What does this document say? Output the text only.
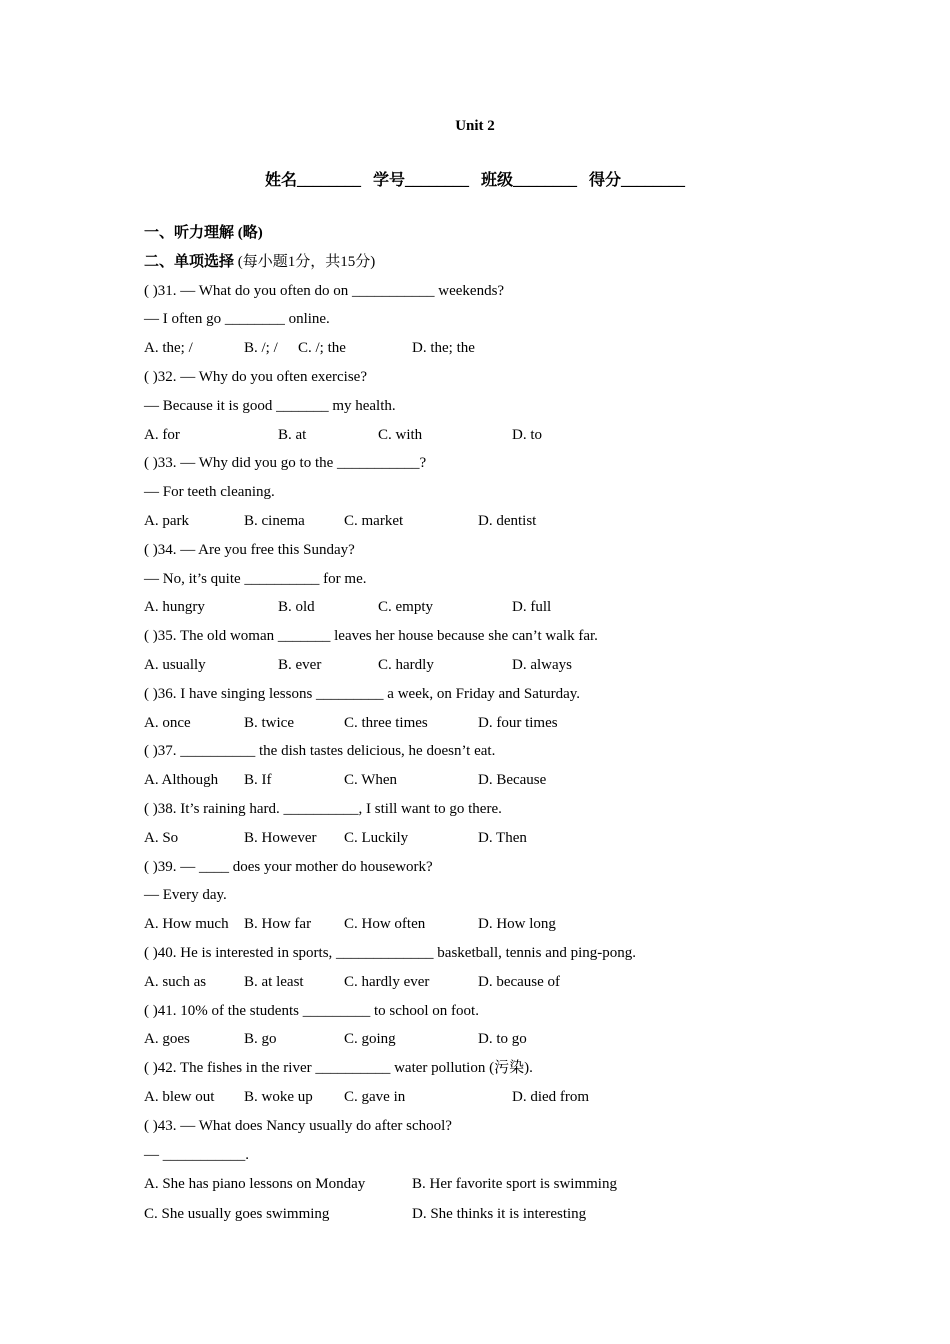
Unit 2
姓名________ 学号________ 班级________ 得分________
一、听力理解 (略)
二、单项选择 (每小题1分，共15分)
( )31. — What do you often do on ___________ weekends?
— I often go ________ online.
A. the; /	B. /; / C. /; the	D. the; the
( )32. — Why do you often exercise?
— Because it is good _______ my health.
A. for	B. at	C. with	D. to
( )33. — Why did you go to the ___________?
— For teeth cleaning.
A. park	B. cinema	C. market	D. dentist
( )34. — Are you free this Sunday?
— No, it’s quite __________ for me.
A. hungry	B. old	C. empty	D. full
( )35. The old woman _______ leaves her house because she can’t walk far.
A. usually	B. ever	C. hardly	D. always
( )36. I have singing lessons _________ a week, on Friday and Saturday.
A. once	B. twice	C. three times	D. four times
( )37. __________ the dish tastes delicious, he doesn’t eat.
A. Although B. If	C. When	D. Because
( )38. It’s raining hard. __________, I still want to go there.
A. So	B. However C. Luckily	D. Then
( )39. — ____ does your mother do housework?
— Every day.
A. How much B. How far C. How often	D. How long
( )40. He is interested in sports, _____________ basketball, tennis and ping-pong.
A. such as	B. at least	C. hardly ever	D. because of
( )41. 10% of the students _________ to school on foot.
A. goes	B. go	C. going	D. to go
( )42. The fishes in the river __________ water pollution (污染).
A. blew out B. woke up C. gave in	D. died from
( )43. — What does Nancy usually do after school?
— ___________.
A. She has piano lessons on Monday	B. Her favorite sport is swimming
C. She usually goes swimming	D. She thinks it is interesting
